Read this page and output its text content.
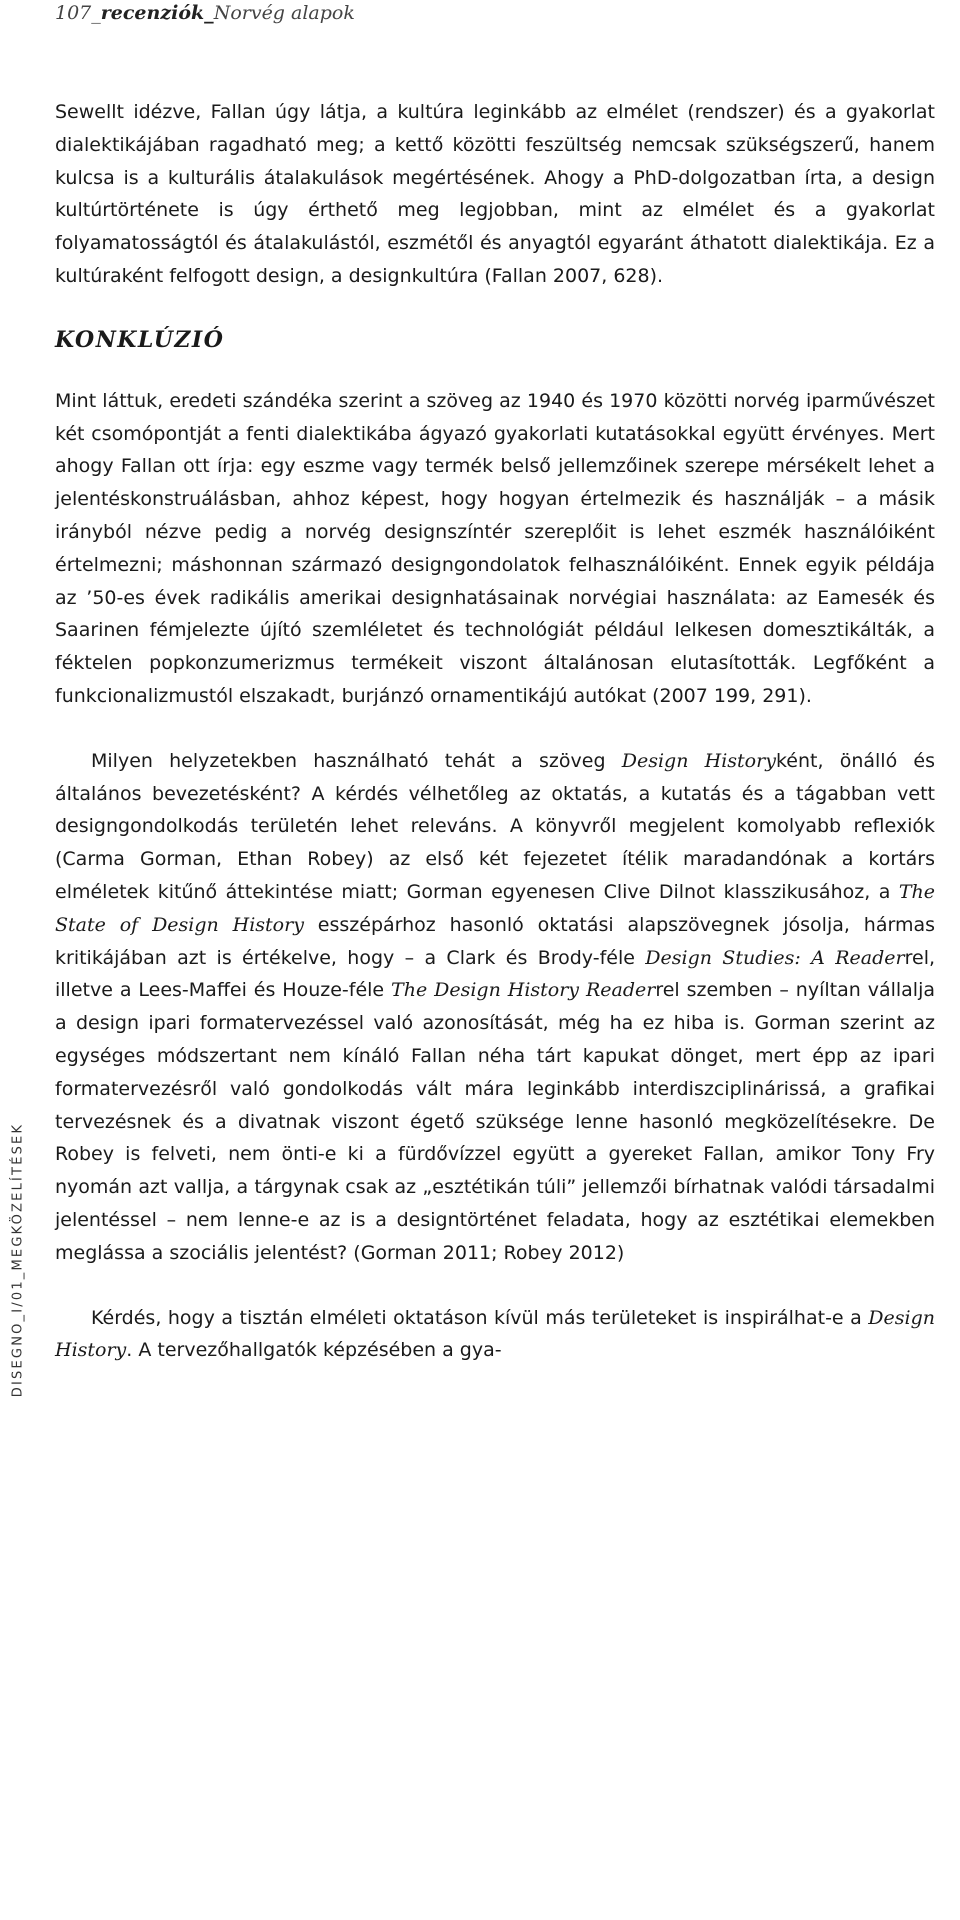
107_recenziók_Norvég alapok
DISEGNO_I/01_MEGKÖZELÍTÉSEK

Sewellt idézve, Fallan úgy látja, a kultúra leginkább az elmélet (rendszer) és a gyakorlat dialektikájában ragadható meg; a kettő közötti feszültség nemcsak szükségszerű, hanem kulcsa is a kulturális átalakulások megértésének. Ahogy a PhD-dolgozatban írta, a design kultúrtörténete is úgy érthető meg legjobban, mint az elmélet és a gyakorlat folyamatosságtól és átalakulástól, eszmétől és anyagtól egyaránt áthatott dialektikája. Ez a kultúraként felfogott design, a designkultúra (Fallan 2007, 628).

KONKLÚZIÓ

Mint láttuk, eredeti szándéka szerint a szöveg az 1940 és 1970 közötti norvég iparművészet két csomópontját a fenti dialektikába ágyazó gyakorlati kutatásokkal együtt érvényes. Mert ahogy Fallan ott írja: egy eszme vagy termék belső jellemzőinek szerepe mérsékelt lehet a jelentéskonstruálásban, ahhoz képest, hogy hogyan értelmezik és használják – a másik irányból nézve pedig a norvég designszíntér szereplőit is lehet eszmék használóiként értelmezni; máshonnan származó designgondolatok felhasználóiként. Ennek egyik példája az ’50-es évek radikális amerikai designhatásainak norvégiai használata: az Eamesék és Saarinen fémjelezte újító szemléletet és technológiát például lelkesen domesztikálták, a féktelen popkonzumerizmus termékeit viszont általánosan elutasították. Legfőként a funkcionalizmustól elszakadt, burjánzó ornamentikájú autókat (2007 199, 291).

Milyen helyzetekben használható tehát a szöveg Design Historyként, önálló és általános bevezetésként? A kérdés vélhetőleg az oktatás, a kutatás és a tágabban vett designgondolkodás területén lehet releváns. A könyvről megjelent komolyabb reflexiók (Carma Gorman, Ethan Robey) az első két fejezetet ítélik maradandónak a kortárs elméletek kitűnő áttekintése miatt; Gorman egyenesen Clive Dilnot klasszikusához, a The State of Design History esszépárhoz hasonló oktatási alapszövegnek jósolja, hármas kritikájában azt is értékelve, hogy – a Clark és Brody-féle Design Studies: A Readerrel, illetve a Lees-Maffei és Houze-féle The Design History Readerrel szemben – nyíltan vállalja a design ipari formatervezéssel való azonosítását, még ha ez hiba is. Gorman szerint az egységes módszertant nem kínáló Fallan néha tárt kapukat dönget, mert épp az ipari formatervezésről való gondolkodás vált mára leginkább interdiszciplinárissá, a grafikai tervezésnek és a divatnak viszont égető szüksége lenne hasonló megközelítésekre. De Robey is felveti, nem önti-e ki a fürdővízzel együtt a gyereket Fallan, amikor Tony Fry nyomán azt vallja, a tárgynak csak az „esztétikán túli” jellemzői bírhatnak valódi társadalmi jelentéssel – nem lenne-e az is a designtörténet feladata, hogy az esztétikai elemekben meglássa a szociális jelentést? (Gorman 2011; Robey 2012)

Kérdés, hogy a tisztán elméleti oktatáson kívül más területeket is inspirálhat-e a Design History. A tervezőhallgatók képzésében a gya-
